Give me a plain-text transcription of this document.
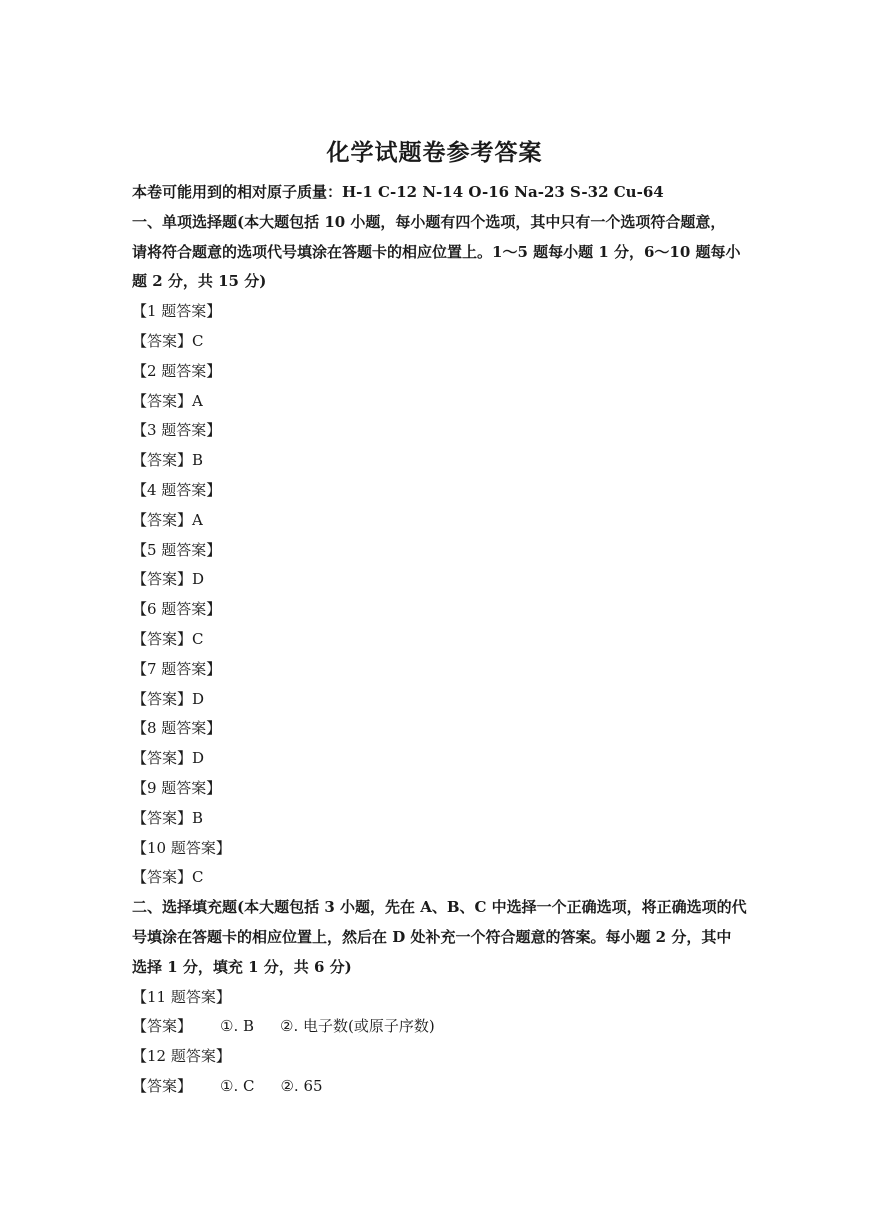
化学试题卷参考答案
本卷可能用到的相对原子质量：H-1 C-12 N-14 O-16 Na-23 S-32 Cu-64
一、单项选择题(本大题包括 10 小题，每小题有四个选项，其中只有一个选项符合题意，
请将符合题意的选项代号填涂在答题卡的相应位置上。1～5 题每小题 1 分，6～10 题每小
题 2 分，共 15 分)
【1 题答案】
【答案】C
【2 题答案】
【答案】A
【3 题答案】
【答案】B
【4 题答案】
【答案】A
【5 题答案】
【答案】D
【6 题答案】
【答案】C
【7 题答案】
【答案】D
【8 题答案】
【答案】D
【9 题答案】
【答案】B
【10 题答案】
【答案】C
二、选择填充题(本大题包括 3 小题，先在 A、B、C 中选择一个正确选项，将正确选项的代
号填涂在答题卡的相应位置上，然后在 D 处补充一个符合题意的答案。每小题 2 分，其中
选择 1 分，填充 1 分，共 6 分)
【11 题答案】
【答案】 ①. B ②. 电子数(或原子序数)
【12 题答案】
【答案】 ①. C ②. 65
